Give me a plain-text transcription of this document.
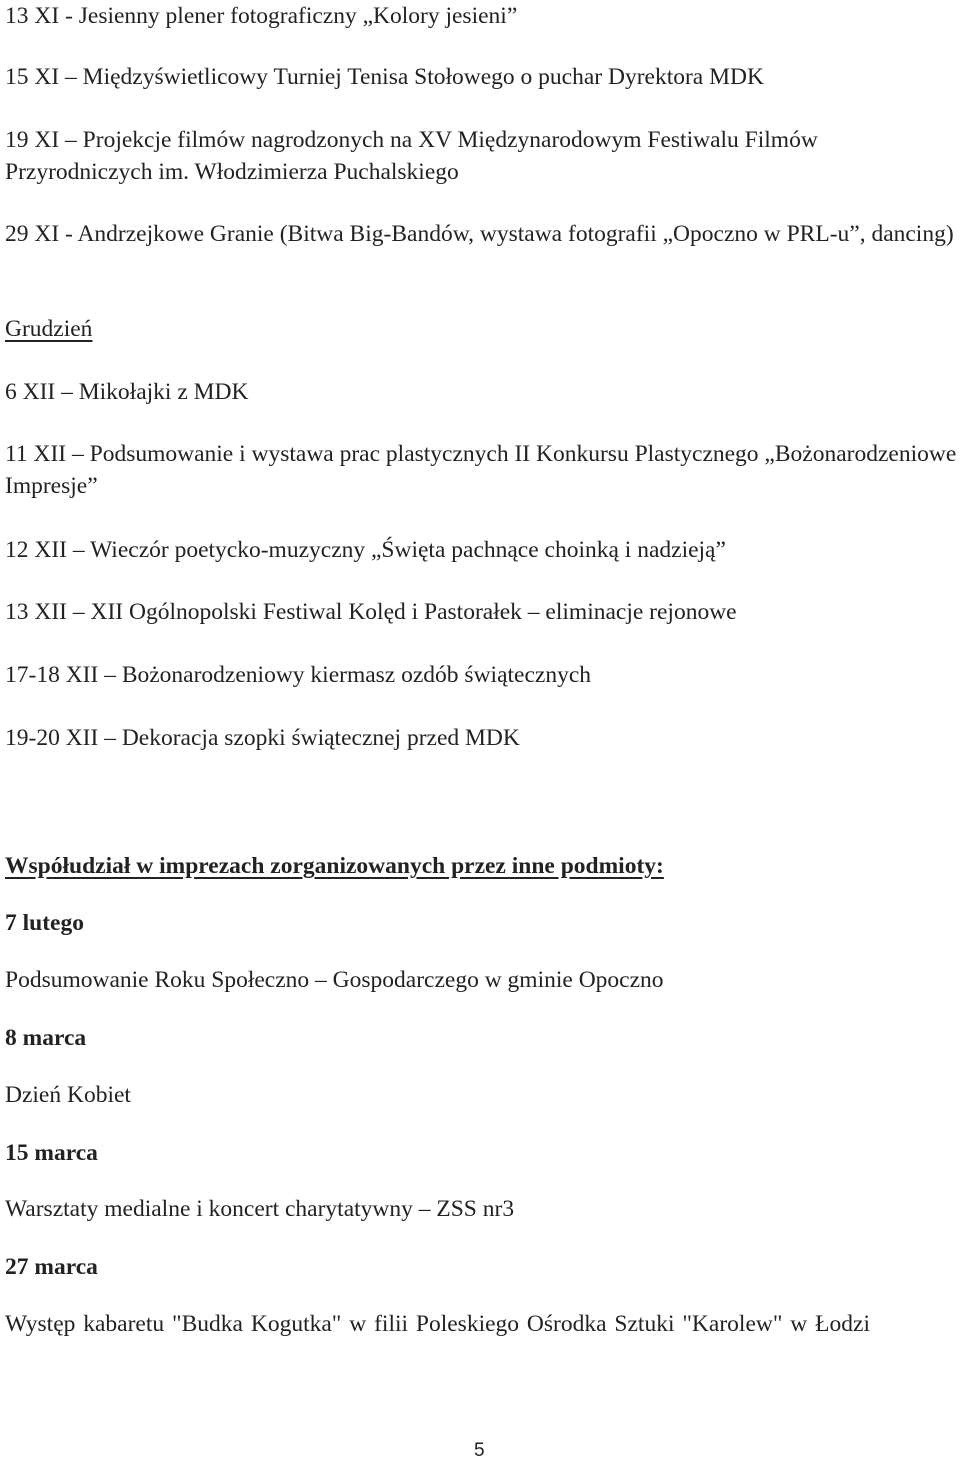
13 XI - Jesienny plener fotograficzny „Kolory jesieni”
15 XI – Międzyświetlicowy Turniej Tenisa Stołowego o puchar Dyrektora MDK
19 XI – Projekcje filmów nagrodzonych na XV Międzynarodowym Festiwalu Filmów Przyrodniczych im. Włodzimierza Puchalskiego
29 XI - Andrzejkowe Granie (Bitwa Big-Bandów, wystawa fotografii „Opoczno w PRL-u”, dancing)
Grudzień
6 XII – Mikołajki z MDK
11 XII – Podsumowanie i wystawa prac plastycznych II Konkursu Plastycznego „Bożonarodzeniowe Impresje”
12 XII – Wieczór poetycko-muzyczny „Święta pachnące choinką i nadzieją”
13 XII – XII Ogólnopolski Festiwal Kolęd i Pastorałek – eliminacje rejonowe
17-18 XII – Bożonarodzeniowy kiermasz ozdób świątecznych
19-20 XII – Dekoracja szopki świątecznej przed MDK
Współudział w imprezach zorganizowanych przez inne podmioty:
7 lutego
Podsumowanie Roku Społeczno – Gospodarczego w gminie Opoczno
8 marca
Dzień Kobiet
15 marca
Warsztaty medialne i koncert charytatywny – ZSS nr3
27 marca
Występ kabaretu "Budka Kogutka" w filii Poleskiego Ośrodka Sztuki "Karolew" w Łodzi
5
